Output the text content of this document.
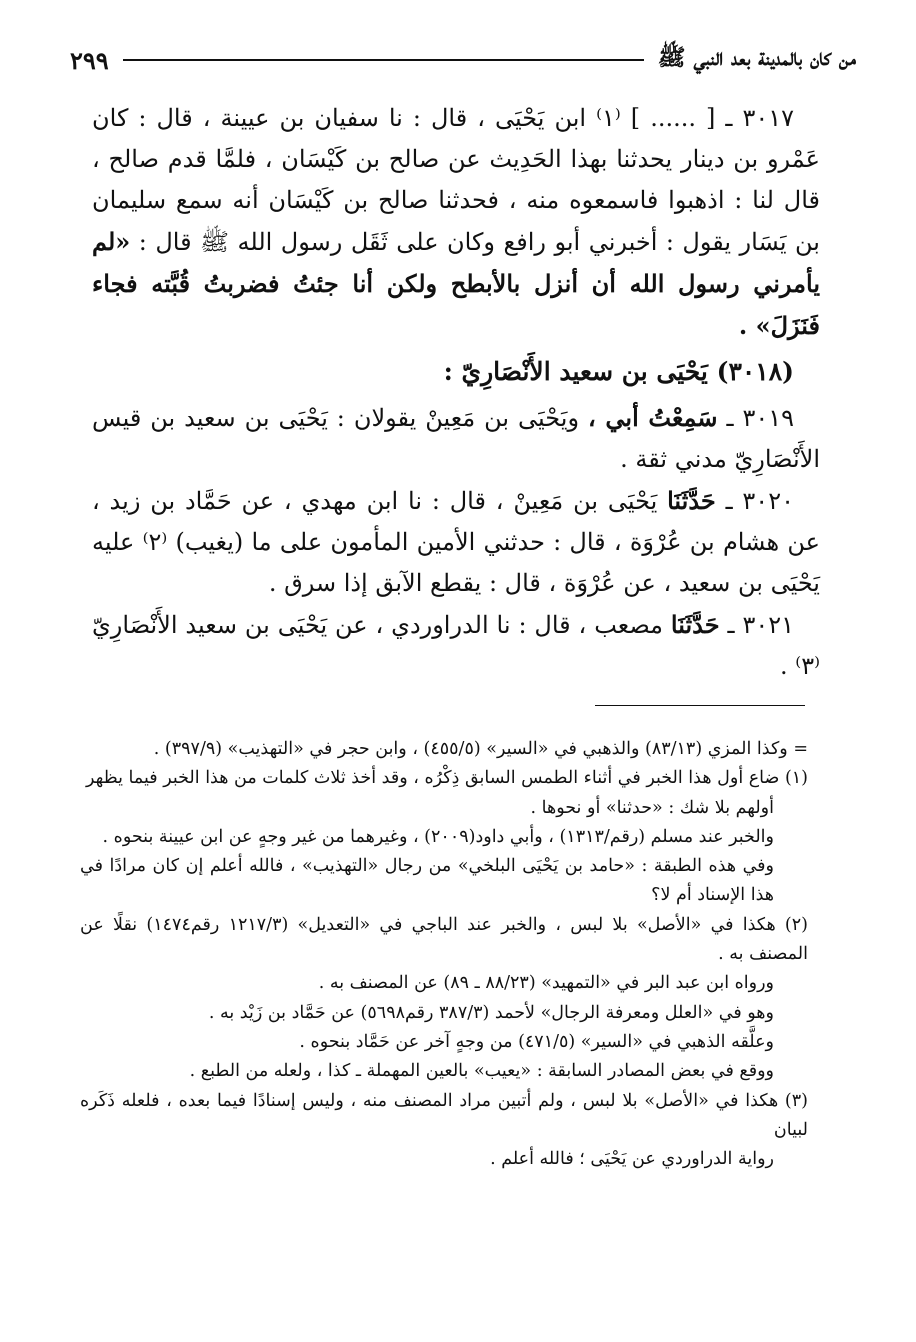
من كان بالمدينة بعد النبي ﷺ
٢٩٩

٣٠١٧ ـ [ ...... ] ⁽١⁾ ابن يَحْيَى ، قال : نا سفيان بن عيينة ، قال : كان عَمْرو بن دينار يحدثنا بهذا الحَدِيث عن صالح بن كَيْسَان ، فلمَّا قدم صالح ، قال لنا : اذهبوا فاسمعوه منه ، فحدثنا صالح بن كَيْسَان أنه سمع سليمان بن يَسَار يقول : أخبرني أبو رافع وكان على ثَقَل رسول الله ﷺ قال : «لم يأمرني رسول الله أن أنزل بالأبطح ولكن أنا جئتُ فضربتُ قُبَّته فجاء فَنَزَلَ» .

(٣٠١٨) يَحْيَى بن سعيد الأَنْصَارِيّ :

٣٠١٩ ـ سَمِعْتُ أبي ، ويَحْيَى بن مَعِينْ يقولان : يَحْيَى بن سعيد بن قيس الأَنْصَارِيّ مدني ثقة .

٣٠٢٠ ـ حَدَّثَنَا يَحْيَى بن مَعِينْ ، قال : نا ابن مهدي ، عن حَمَّاد بن زيد ، عن هشام بن عُرْوَة ، قال : حدثني الأمين المأمون على ما (يغيب) ⁽٢⁾ عليه يَحْيَى بن سعيد ، عن عُرْوَة ، قال : يقطع الآبق إذا سرق .

٣٠٢١ ـ حَدَّثَنَا مصعب ، قال : نا الدراوردي ، عن يَحْيَى بن سعيد الأَنْصَارِيّ ⁽٣⁾ .

= وكذا المزي (٨٣/١٣) والذهبي في «السير» (٤٥٥/٥) ، وابن حجر في «التهذيب» (٣٩٧/٩) .

(١) ضاع أول هذا الخبر في أثناء الطمس السابق ذِكْرُه ، وقد أخذ ثلاث كلمات من هذا الخبر فيما يظهر

أولهم بلا شك : «حدثنا» أو نحوها .

والخبر عند مسلم (رقم/١٣١٣) ، وأبي داود(٢٠٠٩) ، وغيرهما من غير وجهٍ عن ابن عيينة بنحوه .

وفي هذه الطبقة : «حامد بن يَحْيَى البلخي» من رجال «التهذيب» ، فالله أعلم إن كان مرادًا في هذا الإسناد أم لا؟

(٢) هكذا في «الأصل» بلا لبس ، والخبر عند الباجي في «التعديل» (١٢١٧/٣ رقم١٤٧٤) نقلًا عن المصنف به .

ورواه ابن عبد البر في «التمهيد» (٨٨/٢٣ ـ ٨٩) عن المصنف به .

وهو في «العلل ومعرفة الرجال» لأحمد (٣٨٧/٣ رقم٥٦٩٨) عن حَمَّاد بن زَيْد به .

وعلَّقه الذهبي في «السير» (٤٧١/٥) من وجهٍ آخر عن حَمَّاد بنحوه .

ووقع في بعض المصادر السابقة : «يعيب» بالعين المهملة ـ كذا ، ولعله من الطبع .

(٣) هكذا في «الأصل» بلا لبس ، ولم أتبين مراد المصنف منه ، وليس إسنادًا فيما بعده ، فلعله ذَكَره لبيان

رواية الدراوردي عن يَحْيَى ؛ فالله أعلم .
